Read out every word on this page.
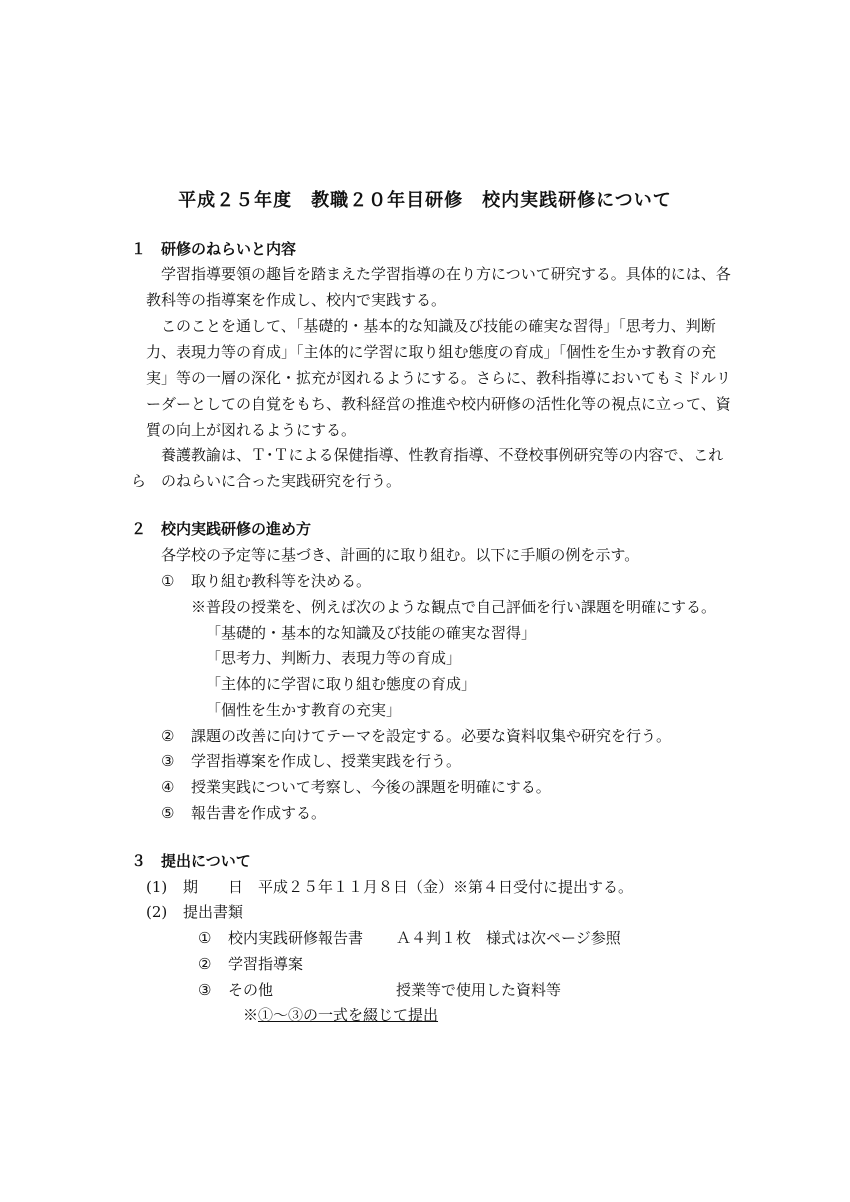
平成２５年度　教職２０年目研修　校内実践研修について
１　研修のねらいと内容
学習指導要領の趣旨を踏まえた学習指導の在り方について研究する。具体的には、各
教科等の指導案を作成し、校内で実践する。
このことを通して、「基礎的・基本的な知識及び技能の確実な習得」「思考力、判断
力、表現力等の育成」「主体的に学習に取り組む態度の育成」「個性を生かす教育の充
実」等の一層の深化・拡充が図れるようにする。さらに、教科指導においてもミドルリ
ーダーとしての自覚をもち、教科経営の推進や校内研修の活性化等の視点に立って、資
質の向上が図れるようにする。
養護教諭は、Ｔ･Ｔによる保健指導、性教育指導、不登校事例研究等の内容で、これ
ら　のねらいに合った実践研究を行う。
２　校内実践研修の進め方
各学校の予定等に基づき、計画的に取り組む。以下に手順の例を示す。
① 取り組む教科等を決める。
※普段の授業を、例えば次のような観点で自己評価を行い課題を明確にする。
「基礎的・基本的な知識及び技能の確実な習得」
「思考力、判断力、表現力等の育成」
「主体的に学習に取り組む態度の育成」
「個性を生かす教育の充実」
② 課題の改善に向けてテーマを設定する。必要な資料収集や研究を行う。
③ 学習指導案を作成し、授業実践を行う。
④ 授業実践について考察し、今後の課題を明確にする。
⑤ 報告書を作成する。
３　提出について
(1) 期　　日 平成２５年１１月８日（金）※第４日受付に提出する。
(2) 提出書類
① 校内実践研修報告書 Ａ４判１枚　様式は次ページ参照
② 学習指導案
③ その他	授業等で使用した資料等
※①～③の一式を綴じて提出
